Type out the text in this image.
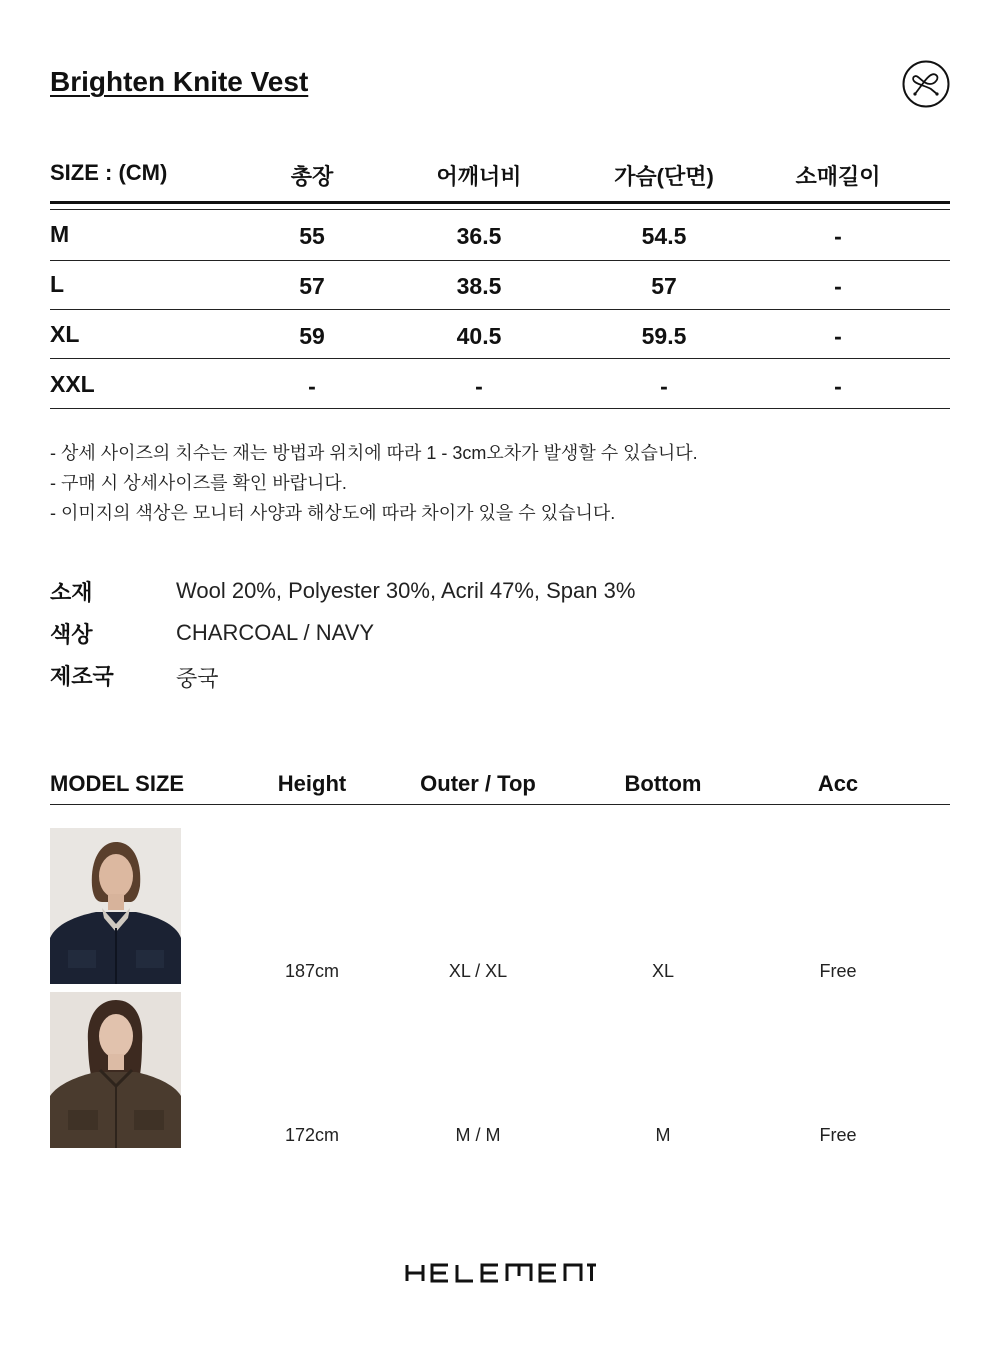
Brighten Knite Vest
SIZE : (CM)	총장	어깨너비	가슴(단면)	소매길이
M	55	36.5	54.5	-
L	57	38.5	57	-
XL	59	40.5	59.5	-
XXL	-	-	-	-
- 상세 사이즈의 치수는 재는 방법과 위치에 따라 1 - 3cm오차가 발생할 수 있습니다.
- 구매 시 상세사이즈를 확인 바랍니다.
- 이미지의 색상은 모니터 사양과 해상도에 따라 차이가 있을 수 있습니다.
소재	Wool 20%, Polyester 30%, Acril 47%, Span 3%
색상	CHARCOAL / NAVY
제조국	중국
MODEL SIZE	Height	Outer / Top	Bottom	Acc
187cm	XL / XL	XL	Free
172cm	M / M	M	Free
